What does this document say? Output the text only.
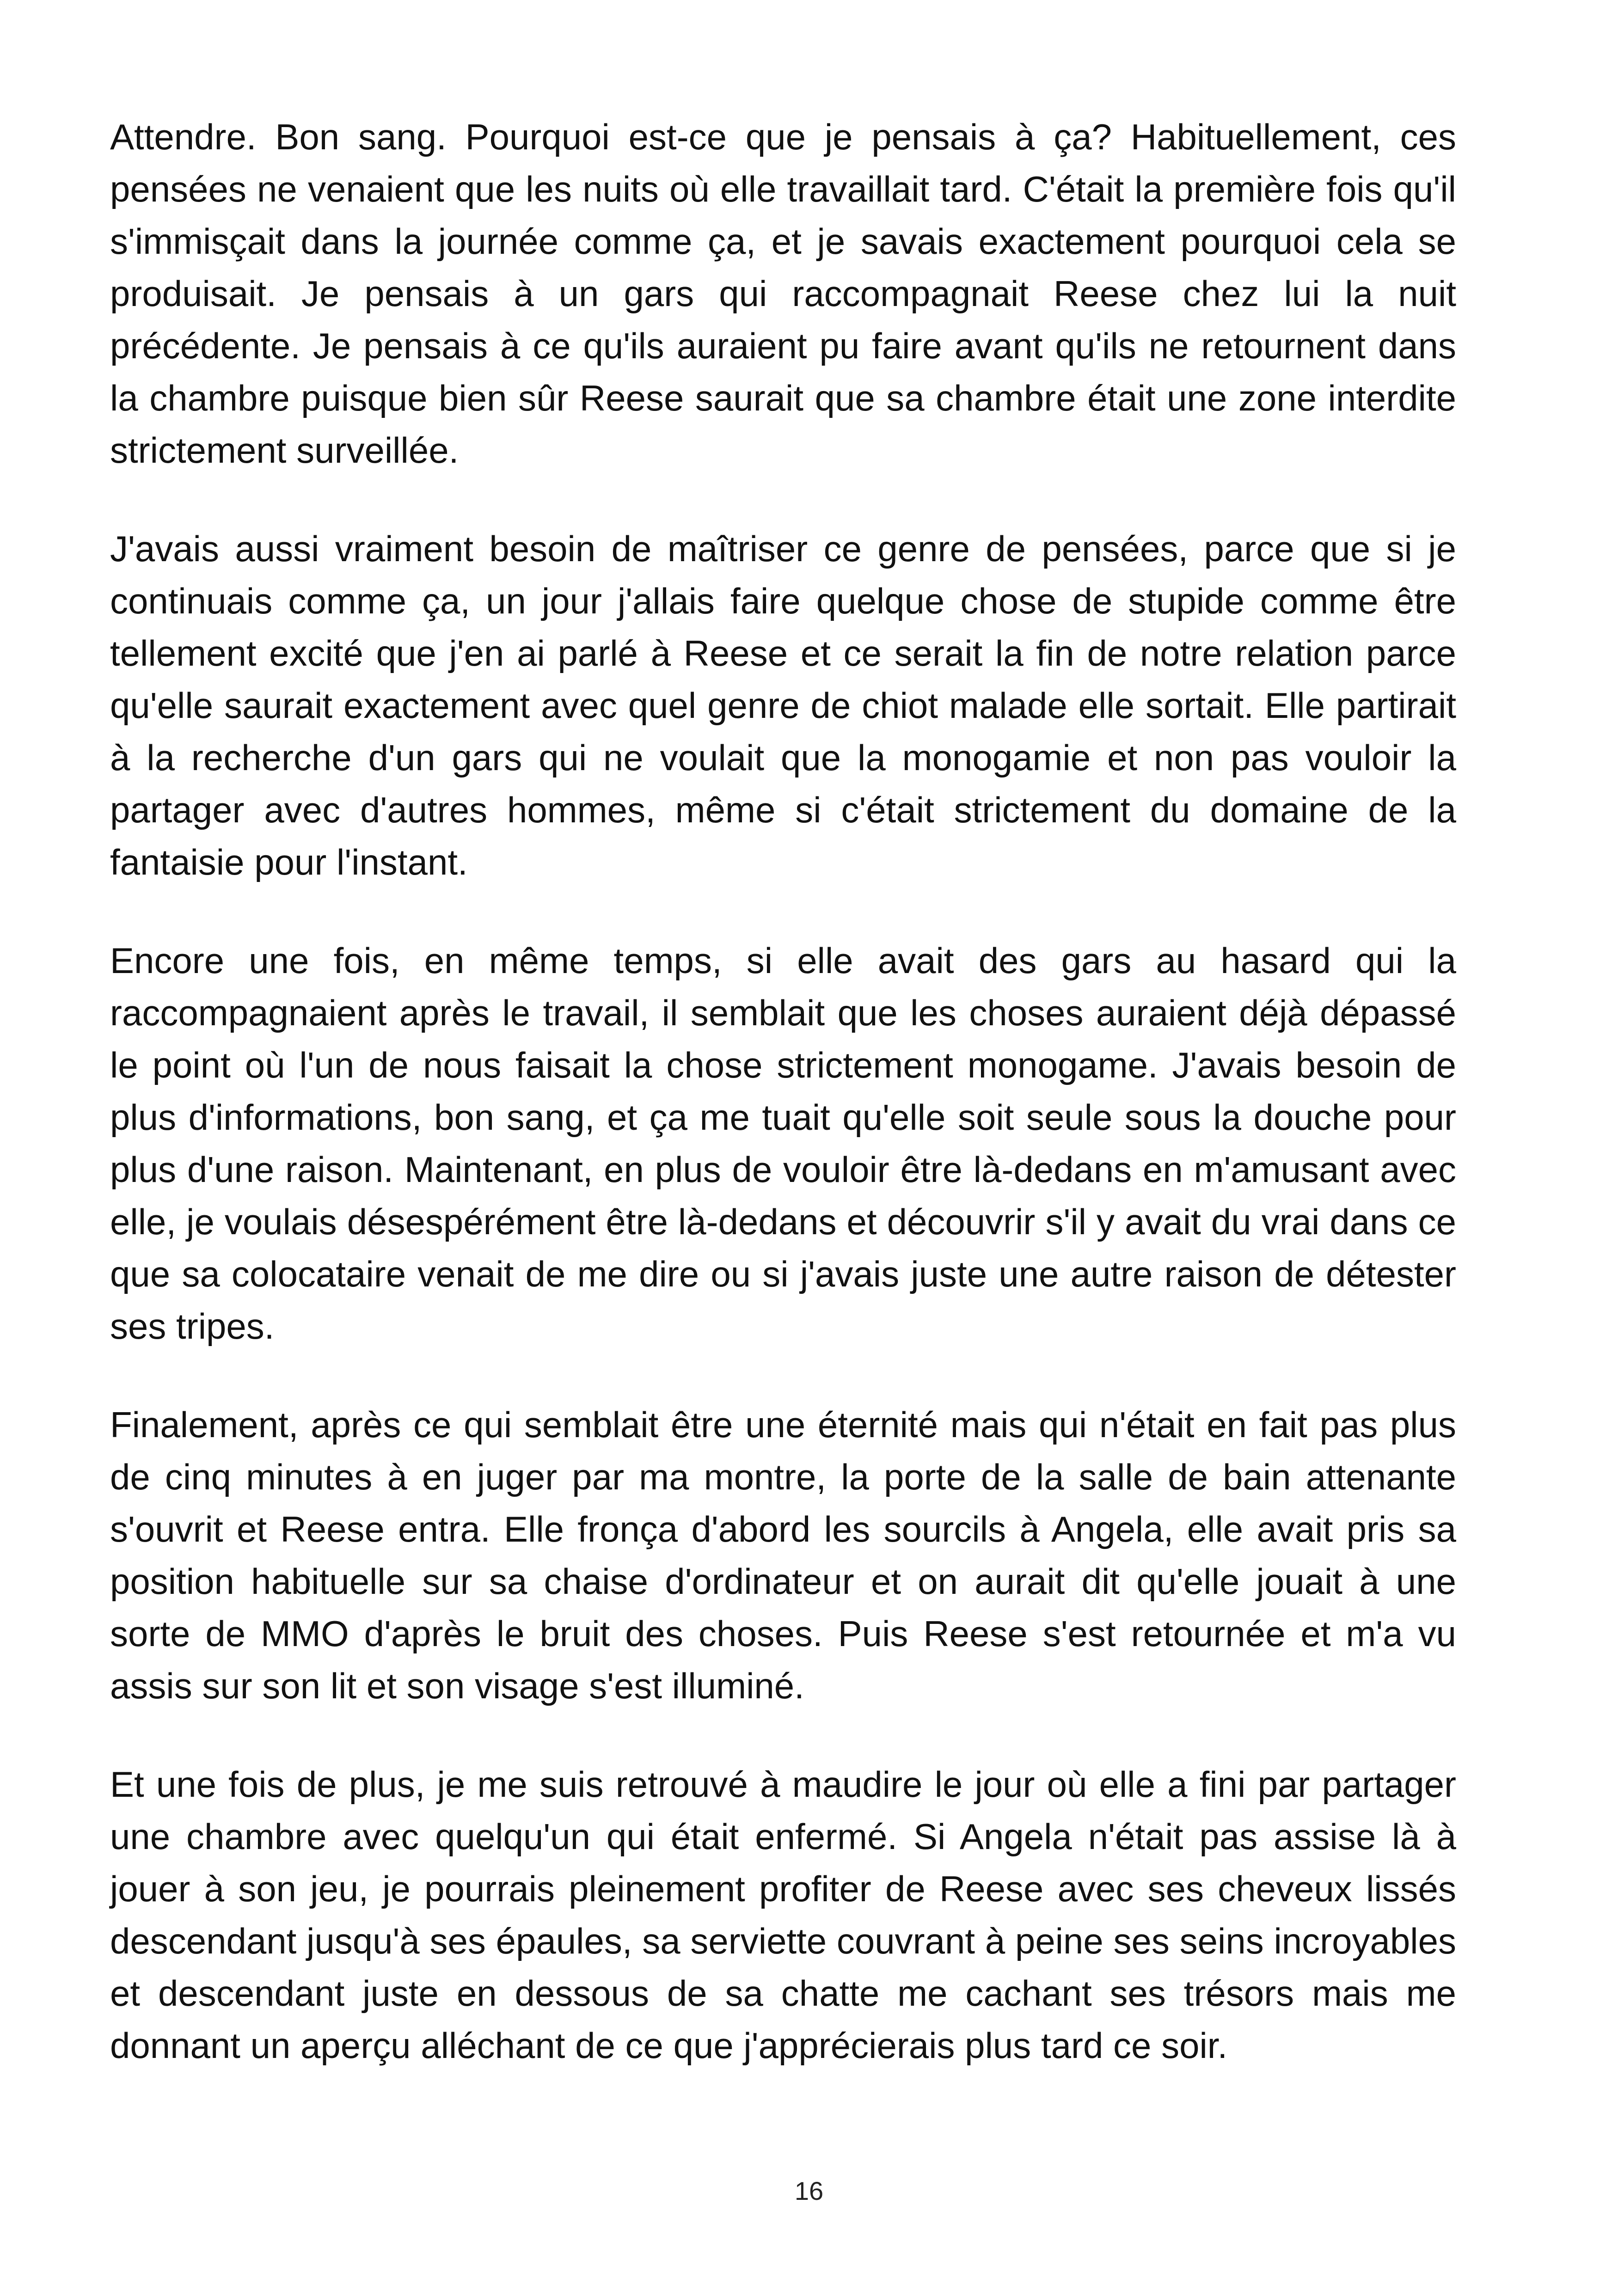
Attendre. Bon sang. Pourquoi est-ce que je pensais à ça? Habituellement, ces pensées ne venaient que les nuits où elle travaillait tard. C'était la première fois qu'il s'immisçait dans la journée comme ça, et je savais exactement pourquoi cela se produisait. Je pensais à un gars qui raccompagnait Reese chez lui la nuit précédente. Je pensais à ce qu'ils auraient pu faire avant qu'ils ne retournent dans la chambre puisque bien sûr Reese saurait que sa chambre était une zone interdite strictement surveillée.

J'avais aussi vraiment besoin de maîtriser ce genre de pensées, parce que si je continuais comme ça, un jour j'allais faire quelque chose de stupide comme être tellement excité que j'en ai parlé à Reese et ce serait la fin de notre relation parce qu'elle saurait exactement avec quel genre de chiot malade elle sortait. Elle partirait à la recherche d'un gars qui ne voulait que la monogamie et non pas vouloir la partager avec d'autres hommes, même si c'était strictement du domaine de la fantaisie pour l'instant.

Encore une fois, en même temps, si elle avait des gars au hasard qui la raccompagnaient après le travail, il semblait que les choses auraient déjà dépassé le point où l'un de nous faisait la chose strictement monogame. J'avais besoin de plus d'informations, bon sang, et ça me tuait qu'elle soit seule sous la douche pour plus d'une raison. Maintenant, en plus de vouloir être là-dedans en m'amusant avec elle, je voulais désespérément être là-dedans et découvrir s'il y avait du vrai dans ce que sa colocataire venait de me dire ou si j'avais juste une autre raison de détester ses tripes.

Finalement, après ce qui semblait être une éternité mais qui n'était en fait pas plus de cinq minutes à en juger par ma montre, la porte de la salle de bain attenante s'ouvrit et Reese entra. Elle fronça d'abord les sourcils à Angela, elle avait pris sa position habituelle sur sa chaise d'ordinateur et on aurait dit qu'elle jouait à une sorte de MMO d'après le bruit des choses. Puis Reese s'est retournée et m'a vu assis sur son lit et son visage s'est illuminé.

Et une fois de plus, je me suis retrouvé à maudire le jour où elle a fini par partager une chambre avec quelqu'un qui était enfermé. Si Angela n'était pas assise là à jouer à son jeu, je pourrais pleinement profiter de Reese avec ses cheveux lissés descendant jusqu'à ses épaules, sa serviette couvrant à peine ses seins incroyables et descendant juste en dessous de sa chatte me cachant ses trésors mais me donnant un aperçu alléchant de ce que j'apprécierais plus tard ce soir.

16
